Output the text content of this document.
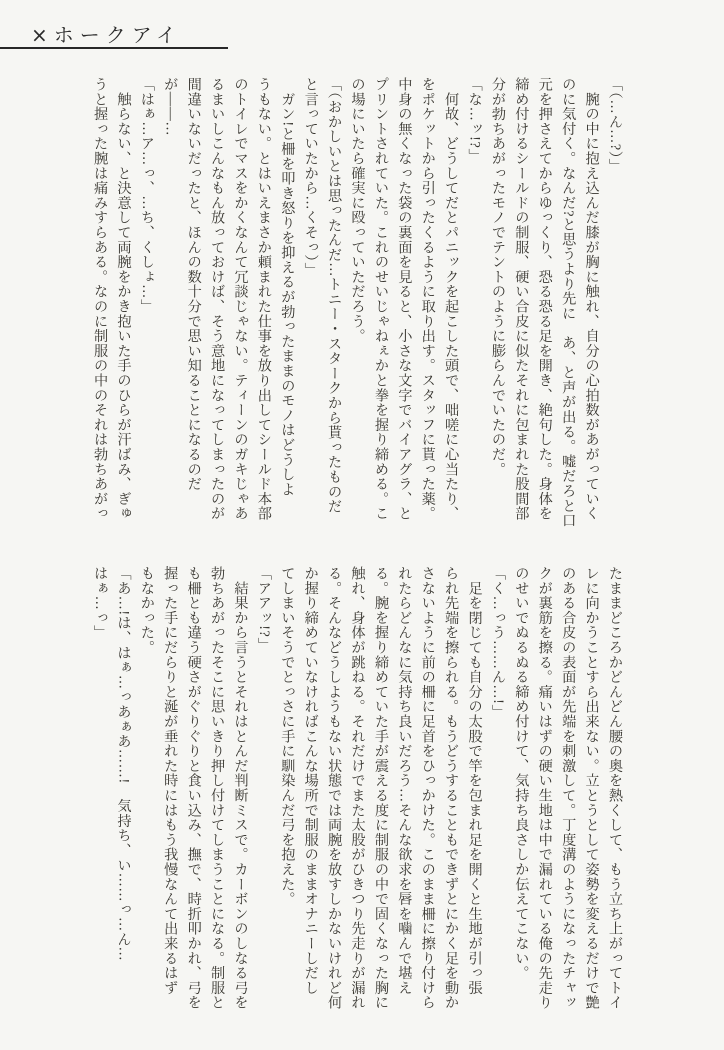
×ホークアイ

「（…ん…?）」

　腕の中に抱え込んだ膝が胸に触れ、自分の心拍数があがっていく

のに気付く。なんだ?と思うより先に　あ、と声が出る。嘘だろと口

元を押さえてからゆっくり、恐る恐る足を開き、絶句した。身体を

締め付けるシールドの制服、硬い合皮に似たそれに包まれた股間部

分が勃ちあがったモノでテントのように膨らんでいたのだ。

「な…ッ!?」

　何故、どうしてだとパニックを起こした頭で、咄嗟に心当たり、

をポケットから引ったくるように取り出す。スタッフに貰った薬。

中身の無くなった袋の裏面を見ると、小さな文字でバイアグラ、と

プリントされていた。これのせいじゃねぇかと拳を握り締める。こ

の場にいたら確実に殴っていただろう。

「（おかしいとは思ったんだ…トニー・スタークから貰ったものだ

と言っていたから…くそっ）」

　ガン!と柵を叩き怒りを抑えるが勃ったままのモノはどうしよ

うもない。とはいえまさか頼まれた仕事を放り出してシールド本部

のトイレでマスをかくなんて冗談じゃない。ティーンのガキじゃあ

るまいしこんなもん放っておけば、そう意地になってしまったのが

間違いないだったと、ほんの数十分で思い知ることになるのだ

が――…

「はぁ…ア…っ、…ち、くしょ…」

　触らない、と決意して両腕をかき抱いた手のひらが汗ばみ、ぎゅ

うと握った腕は痛みすらある。なのに制服の中のそれは勃ちあがっ

たままどころかどんどん腰の奥を熱くして、もう立ち上がってトイ

レに向かうことすら出来ない。立とうとして姿勢を変えるだけで艶

のある合皮の表面が先端を刺激して。丁度溝のようになったチャッ

クが裏筋を擦る。痛いはずの硬い生地は中で漏れている俺の先走り

のせいでぬるぬる締め付けて、気持ち良さしか伝えてこない。

「く…っう……ん…!」

　足を閉じても自分の太股で竿を包まれ足を開くと生地が引っ張

られ先端を擦られる。もうどうすることもできずとにかく足を動か

さないように前の柵に足首をひっかけた。このまま柵に擦り付けら

れたらどんなに気持ち良いだろう…そんな欲求を唇を噛んで堪え

る。腕を握り締めていた手が震える度に制服の中で固くなった胸に

触れ、身体が跳ねる。それだけでまた太股がひきつり先走りが漏れ

る。そんなどうしようもない状態では両腕を放すしかないけれど何

か握り締めていなければこんな場所で制服のままオナニーしだし

てしまいそうでとっさに手に馴染んだ弓を抱えた。

「アアッ!?」

　結果から言うとそれはとんだ判断ミスで。カーボンのしなる弓を

勃ちあがったそこに思いきり押し付けてしまうことになる。制服と

も柵とも違う硬さがぐりぐりと食い込み、撫で、時折叩かれ、弓を

握った手にだらりと涎が垂れた時にはもう我慢なんて出来るはず

もなかった。

「あ…!は、はぁ…っあぁあ……!　気持ち、い……っ…ん…

はぁ…っ」
